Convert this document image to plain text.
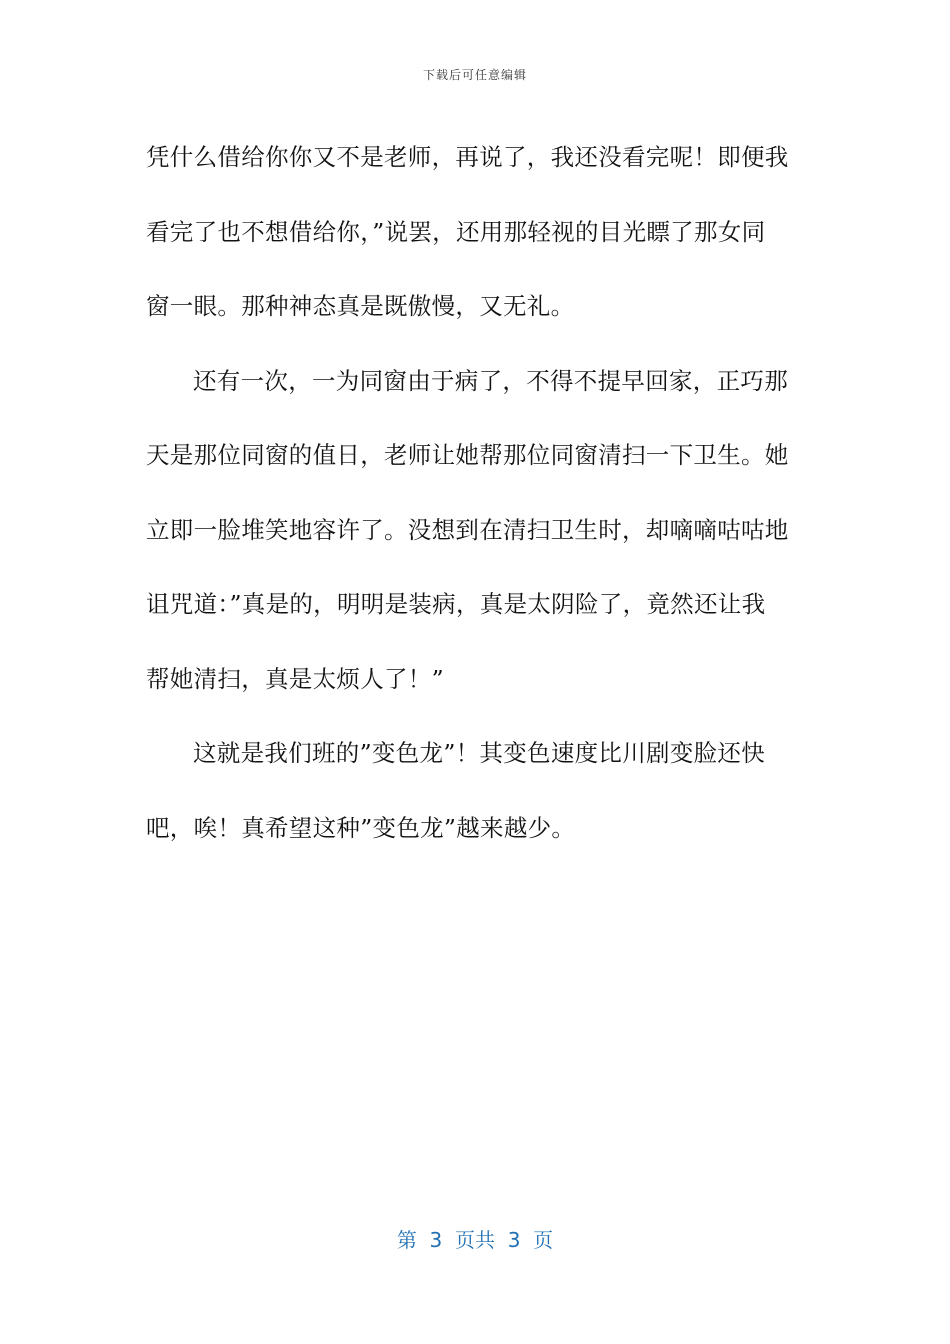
下载后可任意编辑
凭什么借给你你又不是老师，再说了，我还没看完呢！即便我
看完了也不想借给你，”说罢，还用那轻视的目光瞟了那女同
窗一眼。那种神态真是既傲慢，又无礼。
还有一次，一为同窗由于病了，不得不提早回家，正巧那
天是那位同窗的值日，老师让她帮那位同窗清扫一下卫生。她
立即一脸堆笑地容许了。没想到在清扫卫生时，却嘀嘀咕咕地
诅咒道：”真是的，明明是装病，真是太阴险了，竟然还让我
帮她清扫，真是太烦人了！”
这就是我们班的”变色龙”！其变色速度比川剧变脸还快
吧，唉！真希望这种”变色龙”越来越少。
第  3  页共  3  页
